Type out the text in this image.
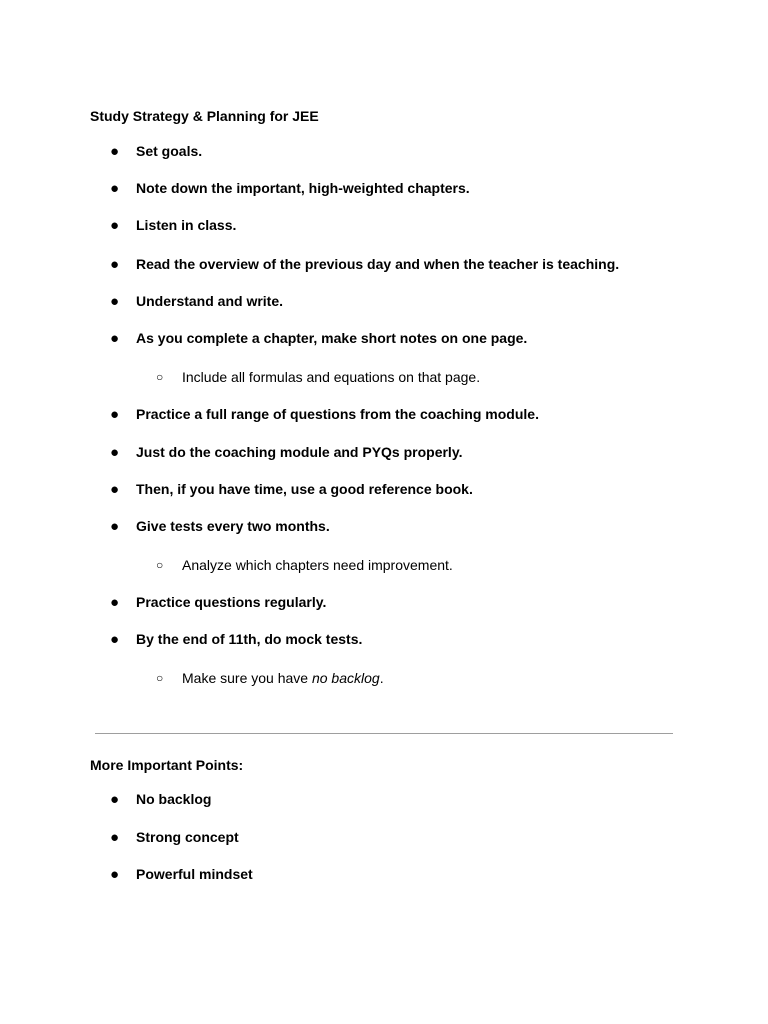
Study Strategy & Planning for JEE
●	Set goals.
●	Note down the important, high-weighted chapters.
●	Listen in class.
●	Read the overview of the previous day and when the teacher is teaching.
●	Understand and write.
●	As you complete a chapter, make short notes on one page.
○	Include all formulas and equations on that page.
●	Practice a full range of questions from the coaching module.
●	Just do the coaching module and PYQs properly.
●	Then, if you have time, use a good reference book.
●	Give tests every two months.
○	Analyze which chapters need improvement.
●	Practice questions regularly.
●	By the end of 11th, do mock tests.
○	Make sure you have no backlog.
More Important Points:
●	No backlog
●	Strong concept
●	Powerful mindset
